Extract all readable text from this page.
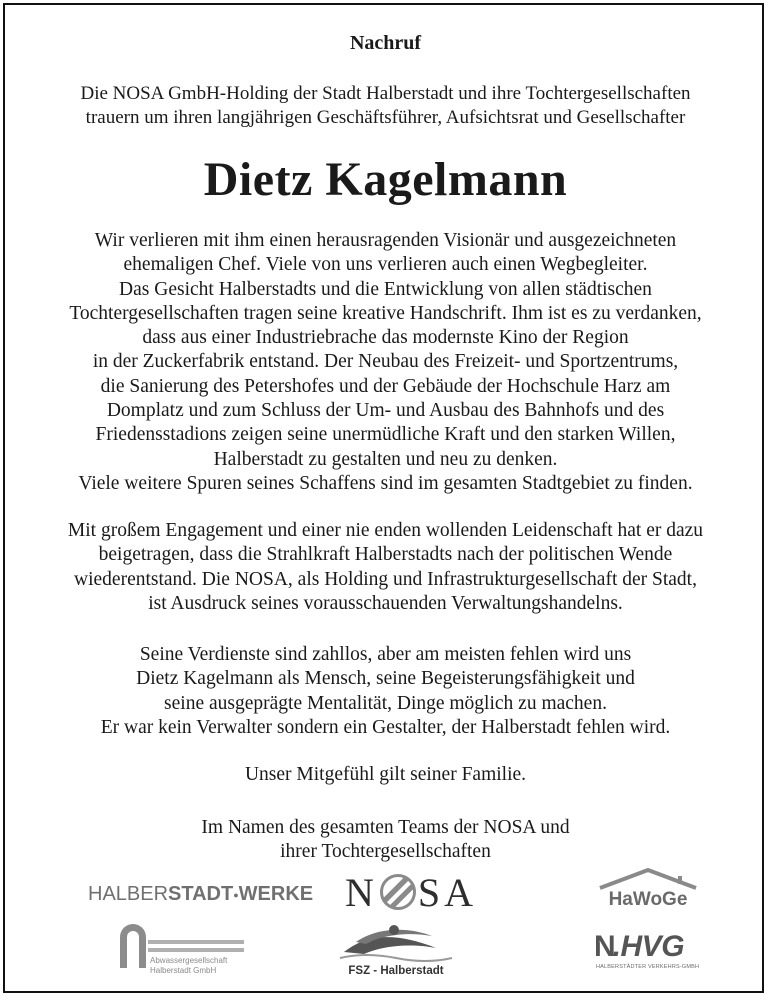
Nachruf
Die NOSA GmbH-Holding der Stadt Halberstadt und ihre Tochtergesellschaften
trauern um ihren langjährigen Geschäftsführer, Aufsichtsrat und Gesellschafter
Dietz Kagelmann
Wir verlieren mit ihm einen herausragenden Visionär und ausgezeichneten
ehemaligen Chef. Viele von uns verlieren auch einen Wegbegleiter.
Das Gesicht Halberstadts und die Entwicklung von allen städtischen
Tochtergesellschaften tragen seine kreative Handschrift. Ihm ist es zu verdanken,
dass aus einer Industriebrache das modernste Kino der Region
in der Zuckerfabrik entstand. Der Neubau des Freizeit- und Sportzentrums,
die Sanierung des Petershofes und der Gebäude der Hochschule Harz am
Domplatz und zum Schluss der Um- und Ausbau des Bahnhofs und des
Friedensstadions zeigen seine unermüdliche Kraft und den starken Willen,
Halberstadt zu gestalten und neu zu denken.
Viele weitere Spuren seines Schaffens sind im gesamten Stadtgebiet zu finden.
Mit großem Engagement und einer nie enden wollenden Leidenschaft hat er dazu
beigetragen, dass die Strahlkraft Halberstadts nach der politischen Wende
wiederentstand. Die NOSA, als Holding und Infrastrukturgesellschaft der Stadt,
ist Ausdruck seines vorausschauenden Verwaltungshandelns.
Seine Verdienste sind zahllos, aber am meisten fehlen wird uns
Dietz Kagelmann als Mensch, seine Begeisterungsfähigkeit und
seine ausgeprägte Mentalität, Dinge möglich zu machen.
Er war kein Verwalter sondern ein Gestalter, der Halberstadt fehlen wird.
Unser Mitgefühl gilt seiner Familie.
Im Namen des gesamten Teams der NOSA und
ihrer Tochtergesellschaften
HALBERSTADT●WERKE N SA	HaWoGe
Abwassergesellschaft
Halberstadt GmbH	FSZ - Halberstadt
N.HVG
HALBERSTÄDTER VERKEHRS-GMBH
